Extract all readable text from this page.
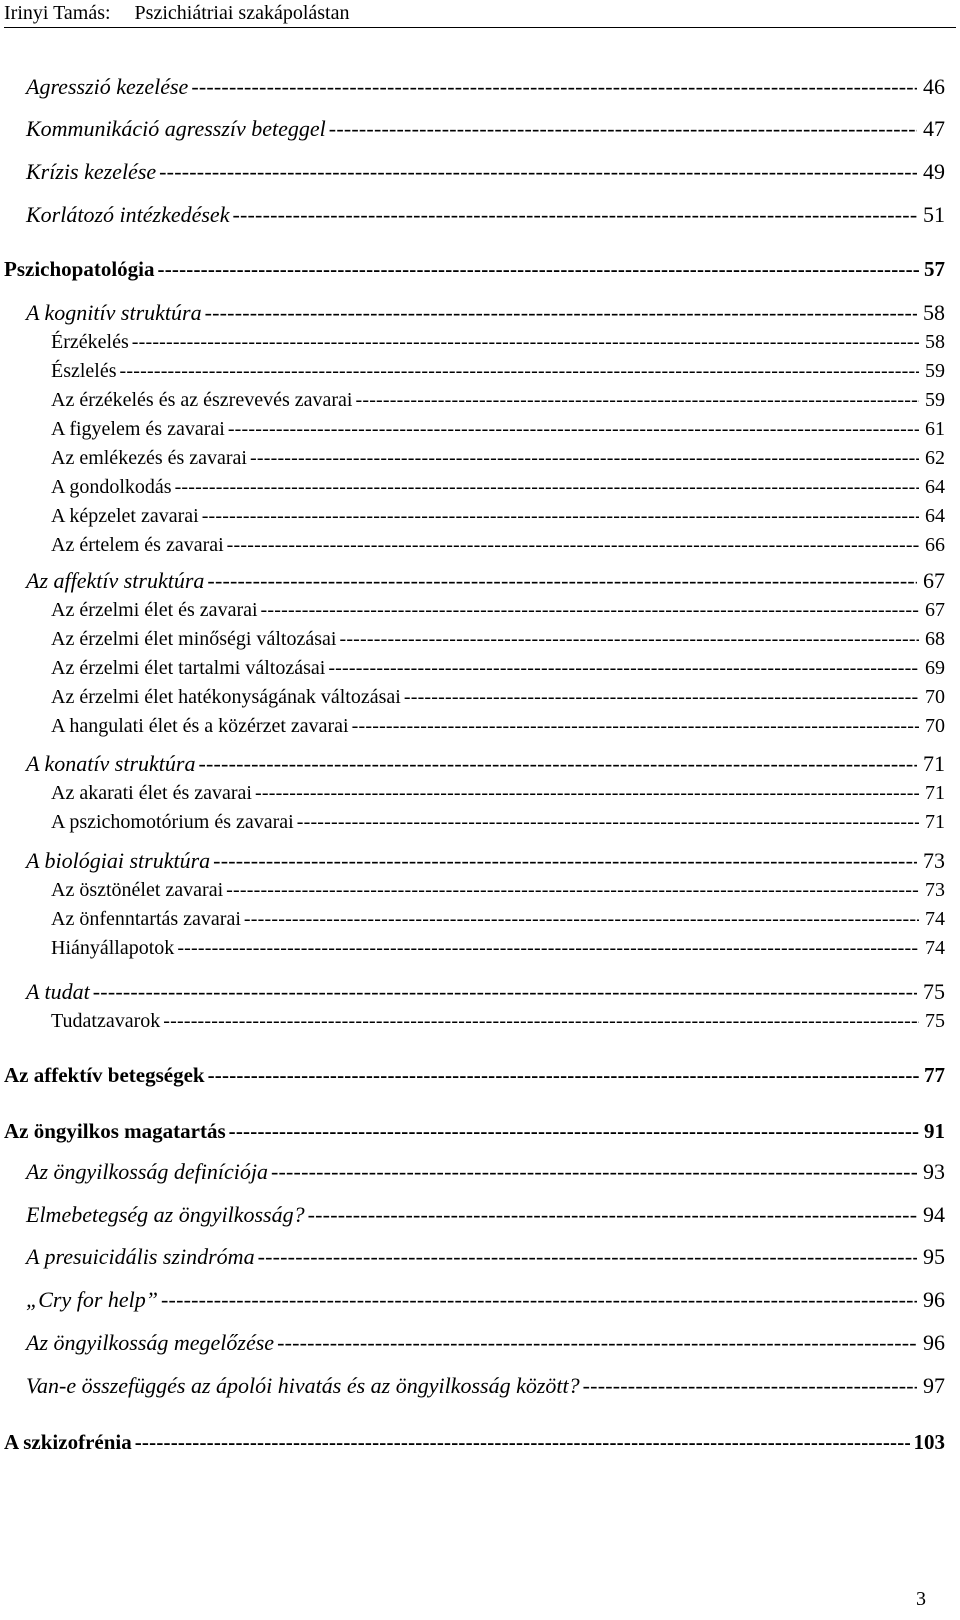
Irinyi Tamás: Pszichiátriai szakápolástan
Agresszió kezelése -----	46
Kommunikáció agresszív beteggel -----	47
Krízis kezelése -----	49
Korlátozó intézkedések -----	51
Pszichopatológia -----	57
A kognitív struktúra -----	58
Érzékelés -----	58
Észlelés -----	59
Az érzékelés és az észrevevés zavarai -----	59
A figyelem és zavarai -----	61
Az emlékezés és zavarai -----	62
A gondolkodás -----	64
A képzelet zavarai -----	64
Az értelem és zavarai -----	66
Az affektív struktúra -----	67
Az érzelmi élet és zavarai -----	67
Az érzelmi élet minőségi változásai -----	68
Az érzelmi élet tartalmi változásai -----	69
Az érzelmi élet hatékonyságának változásai -----	70
A hangulati élet és a közérzet zavarai -----	70
A konatív struktúra -----	71
Az akarati élet és zavarai -----	71
A pszichomotórium és zavarai -----	71
A biológiai struktúra -----	73
Az ösztönélet zavarai -----	73
Az önfenntartás zavarai -----	74
Hiányállapotok -----	74
A tudat -----	75
Tudatzavarok -----	75
Az affektív betegségek -----	77
Az öngyilkos magatartás -----	91
Az öngyilkosság definíciója -----	93
Elmebetegség az öngyilkosság? -----	94
A presuicidális szindróma -----	95
„Cry for help” -----	96
Az öngyilkosság megelőzése -----	96
Van-e összefüggés az ápolói hivatás és az öngyilkosság között? -----	97
A szkizofrénia -----	103
3
